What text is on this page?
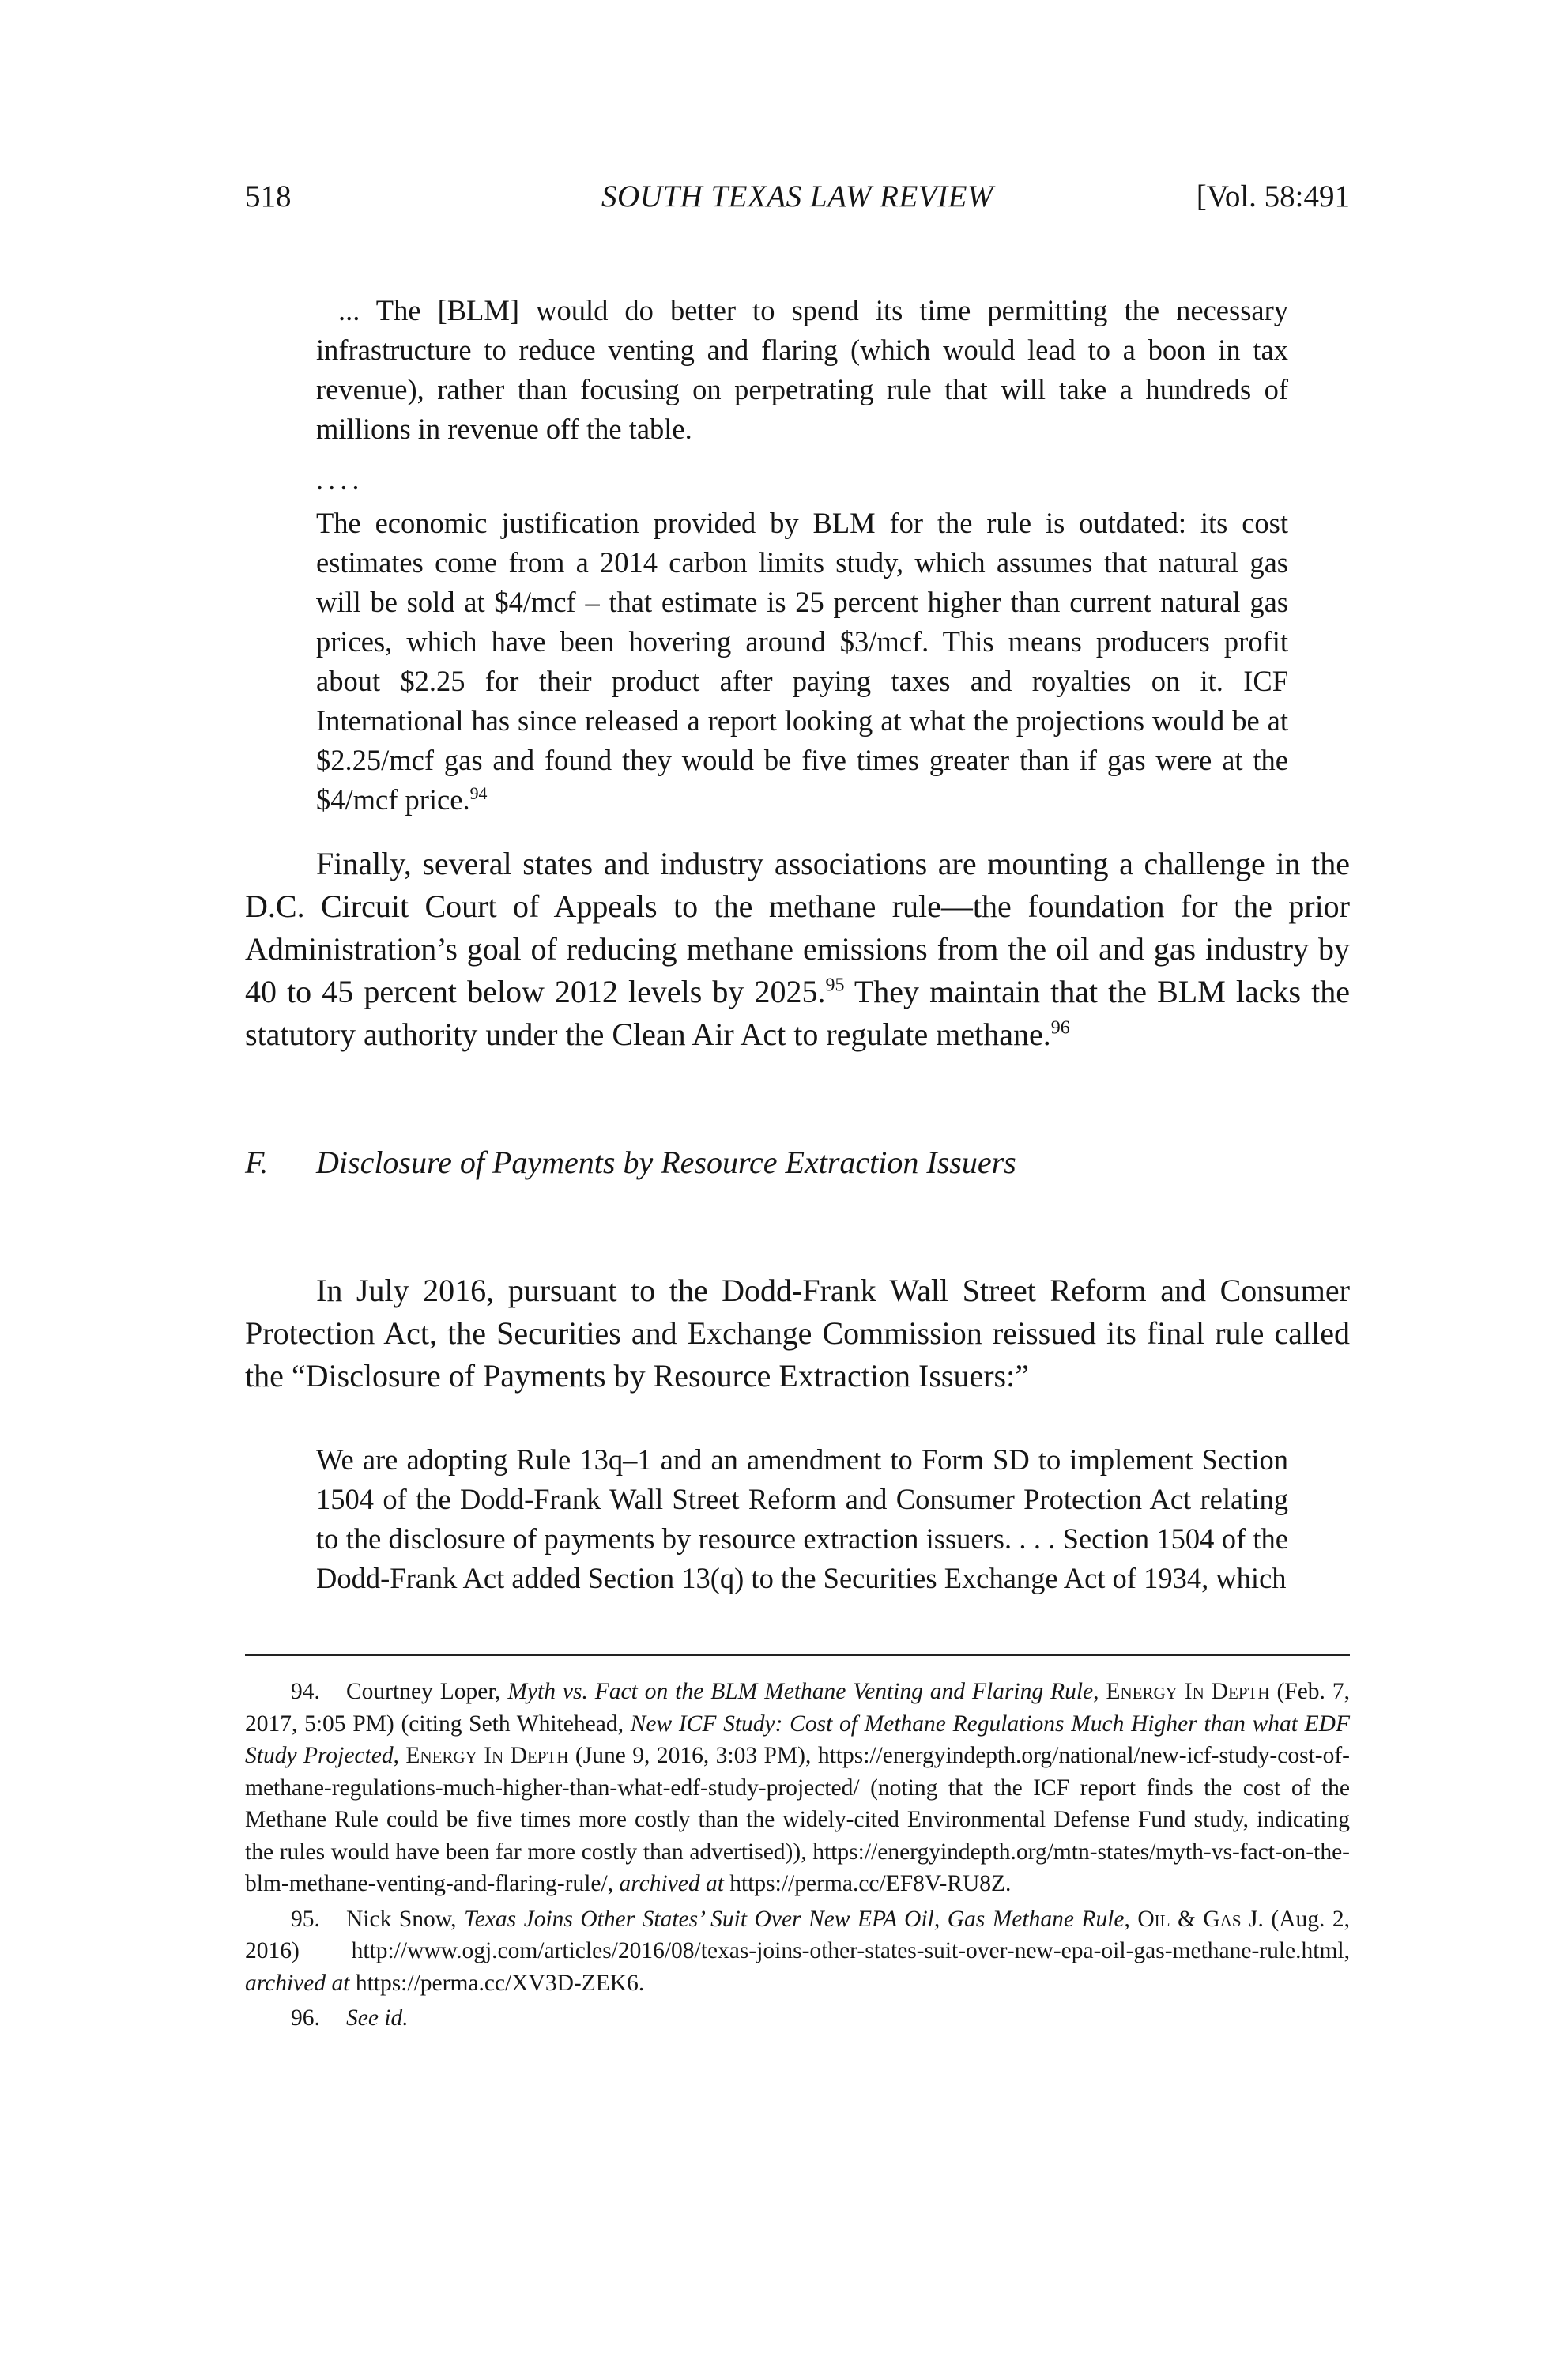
518	SOUTH TEXAS LAW REVIEW	[Vol. 58:491

... The [BLM] would do better to spend its time permitting the necessary infrastructure to reduce venting and flaring (which would lead to a boon in tax revenue), rather than focusing on perpetrating rule that will take a hundreds of millions in revenue off the table.

....

The economic justification provided by BLM for the rule is outdated: its cost estimates come from a 2014 carbon limits study, which assumes that natural gas will be sold at $4/mcf – that estimate is 25 percent higher than current natural gas prices, which have been hovering around $3/mcf. This means producers profit about $2.25 for their product after paying taxes and royalties on it. ICF International has since released a report looking at what the projections would be at $2.25/mcf gas and found they would be five times greater than if gas were at the $4/mcf price.$^{94}$

Finally, several states and industry associations are mounting a challenge in the D.C. Circuit Court of Appeals to the methane rule—the foundation for the prior Administration’s goal of reducing methane emissions from the oil and gas industry by 40 to 45 percent below 2012 levels by 2025.95 They maintain that the BLM lacks the statutory authority under the Clean Air Act to regulate methane.$^{96}$

F. Disclosure of Payments by Resource Extraction Issuers

In July 2016, pursuant to the Dodd-Frank Wall Street Reform and Consumer Protection Act, the Securities and Exchange Commission reissued its final rule called the “Disclosure of Payments by Resource Extraction Issuers:”

We are adopting Rule 13q–1 and an amendment to Form SD to implement Section 1504 of the Dodd-Frank Wall Street Reform and Consumer Protection Act relating to the disclosure of payments by resource extraction issuers. . . . Section 1504 of the Dodd-Frank Act added Section 13(q) to the Securities Exchange Act of 1934, which

94. Courtney Loper, Myth vs. Fact on the BLM Methane Venting and Flaring Rule, Energy In Depth (Feb. 7, 2017, 5:05 PM) (citing Seth Whitehead, New ICF Study: Cost of Methane Regulations Much Higher than what EDF Study Projected, Energy In Depth (June 9, 2016, 3:03 PM), https://energyindepth.org/national/new-icf-study-cost-of-methane-regulations-much-higher-than-what-edf-study-projected/ (noting that the ICF report finds the cost of the Methane Rule could be five times more costly than the widely-cited Environmental Defense Fund study, indicating the rules would have been far more costly than advertised)), https://energyindepth.org/mtn-states/myth-vs-fact-on-the-blm-methane-venting-and-flaring-rule/, archived at https://perma.cc/EF8V-RU8Z.

95. Nick Snow, Texas Joins Other States’ Suit Over New EPA Oil, Gas Methane Rule, Oil & Gas J. (Aug. 2, 2016) http://www.ogj.com/articles/2016/08/texas-joins-other-states-suit-over-new-epa-oil-gas-methane-rule.html, archived at https://perma.cc/XV3D-ZEK6.

96. See id.
